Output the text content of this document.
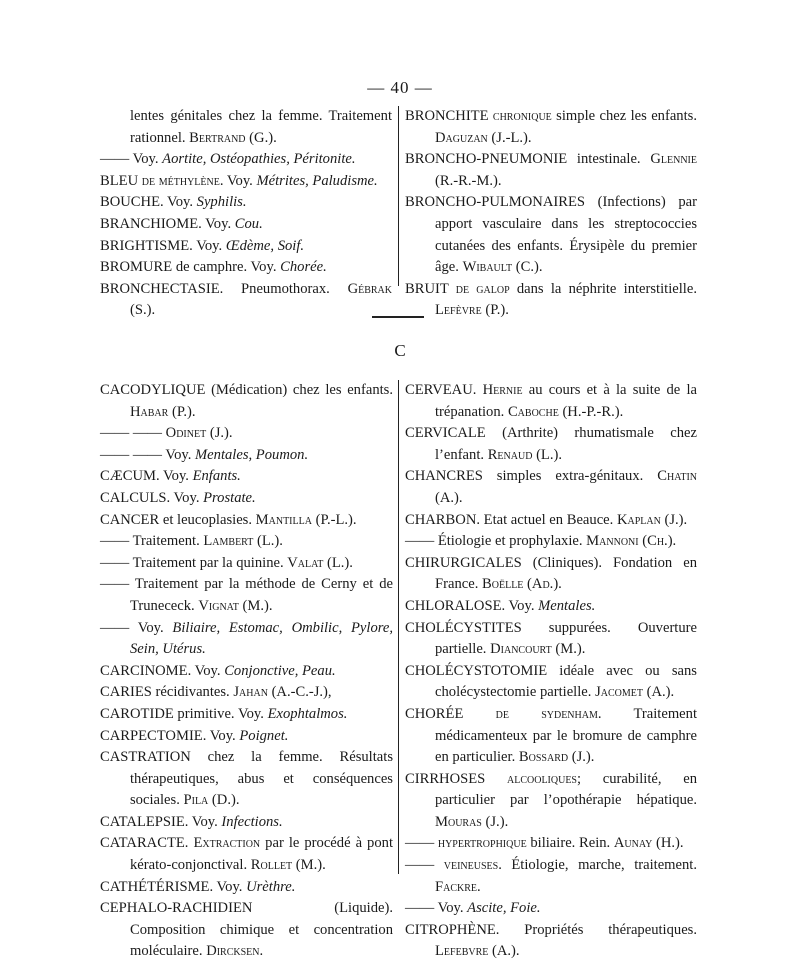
— 40 —

lentes génitales chez la femme. Traitement rationnel. Bertrand (G.).

—— Voy. Aortite, Ostéopathies, Péritonite.

BLEU de méthylène. Voy. Métrites, Paludisme.

BOUCHE. Voy. Syphilis.

BRANCHIOME. Voy. Cou.

BRIGHTISME. Voy. Œdème, Soif.

BROMURE de camphre. Voy. Chorée.

BRONCHECTASIE. Pneumothorax. Gébrak (S.).

BRONCHITE chronique simple chez les enfants. Daguzan (J.-L.).

BRONCHO-PNEUMONIE intestinale. Glennie (R.-R.-M.).

BRONCHO-PULMONAIRES (Infections) par apport vasculaire dans les streptococcies cutanées des enfants. Érysipèle du premier âge. Wibault (C.).

BRUIT de galop dans la néphrite interstitielle. Lefèvre (P.).

C

CACODYLIQUE (Médication) chez les enfants. Habar (P.).

—— —— Odinet (J.).

—— —— Voy. Mentales, Poumon.

CÆCUM. Voy. Enfants.

CALCULS. Voy. Prostate.

CANCER et leucoplasies. Mantilla (P.-L.).

—— Traitement. Lambert (L.).

—— Traitement par la quinine. Valat (L.).

—— Traitement par la méthode de Cerny et de Trunececk. Vignat (M.).

—— Voy. Biliaire, Estomac, Ombilic, Pylore, Sein, Utérus.

CARCINOME. Voy. Conjonctive, Peau.

CARIES récidivantes. Jahan (A.-C.-J.),

CAROTIDE primitive. Voy. Exophtalmos.

CARPECTOMIE. Voy. Poignet.

CASTRATION chez la femme. Résultats thérapeutiques, abus et conséquences sociales. Pila (D.).

CATALEPSIE. Voy. Infections.

CATARACTE. Extraction par le procédé à pont kérato-conjonctival. Rollet (M.).

CATHÉTÉRISME. Voy. Urèthre.

CEPHALO-RACHIDIEN (Liquide). Composition chimique et concentration moléculaire. Dircksen.

CERVEAU. Hernie au cours et à la suite de la trépanation. Caboche (H.-P.-R.).

CERVICALE (Arthrite) rhumatismale chez l’enfant. Renaud (L.).

CHANCRES simples extra-génitaux. Chatin (A.).

CHARBON. Etat actuel en Beauce. Kaplan (J.).

—— Étiologie et prophylaxie. Mannoni (Ch.).

CHIRURGICALES (Cliniques). Fondation en France. Boëlle (Ad.).

CHLORALOSE. Voy. Mentales.

CHOLÉCYSTITES suppurées. Ouverture partielle. Diancourt (M.).

CHOLÉCYSTOTOMIE idéale avec ou sans cholécystectomie partielle. Jacomet (A.).

CHORÉE de sydenham. Traitement médicamenteux par le bromure de camphre en particulier. Bossard (J.).

CIRRHOSES alcooliques; curabilité, en particulier par l’opothérapie hépatique. Mouras (J.).

—— hypertrophique biliaire. Rein. Aunay (H.).

—— veineuses. Étiologie, marche, traitement. Fackre.

—— Voy. Ascite, Foie.

CITROPHÈNE. Propriétés thérapeutiques. Lefebvre (A.).
